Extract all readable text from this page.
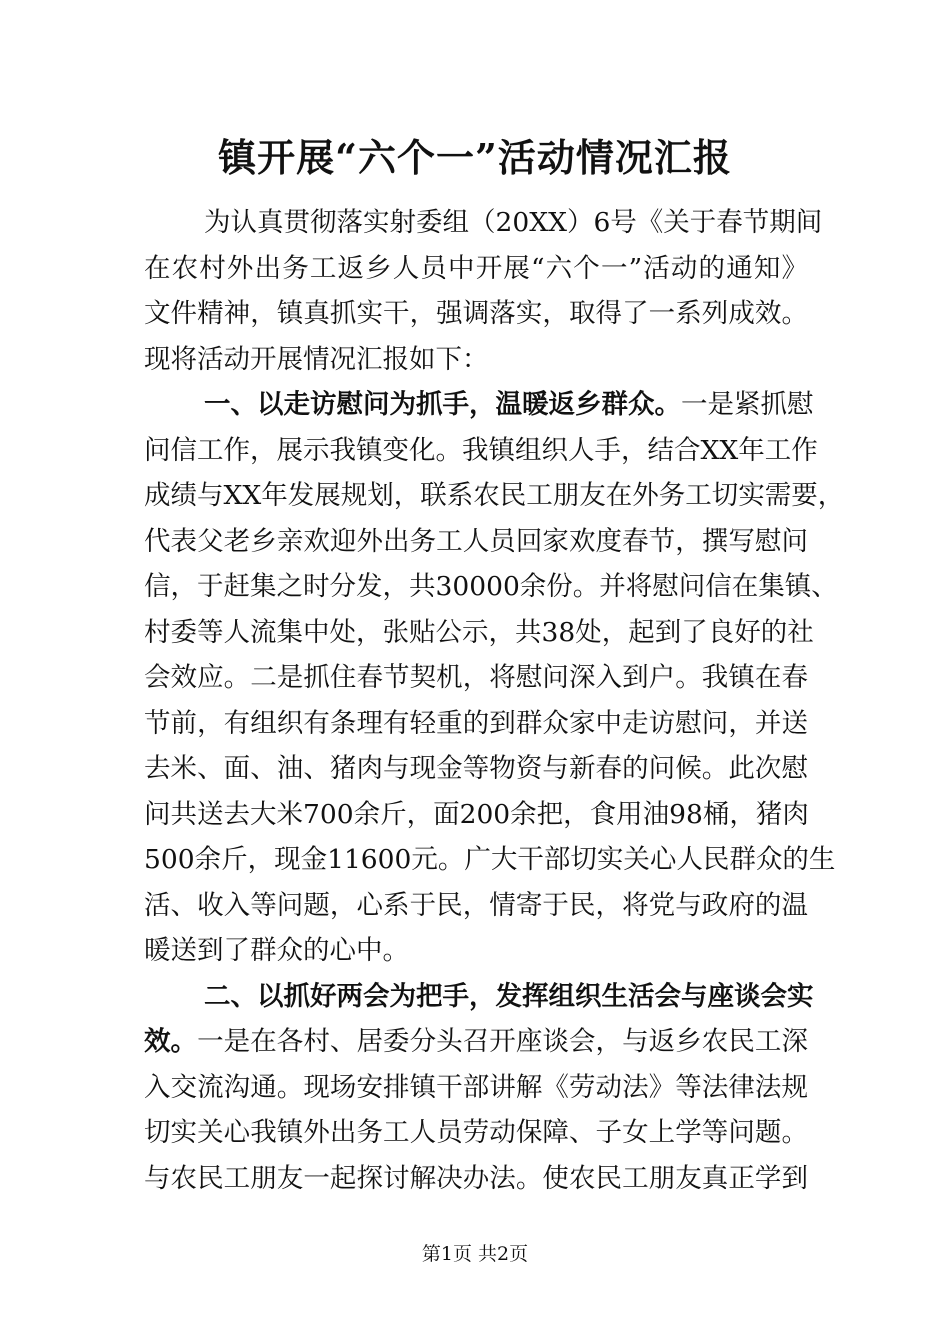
镇开展“六个一”活动情况汇报
为认真贯彻落实射委组（20XX）6号《关于春节期间
在农村外出务工返乡人员中开展“六个一”活动的通知》
文件精神，镇真抓实干，强调落实，取得了一系列成效。
现将活动开展情况汇报如下：
一、以走访慰问为抓手，温暖返乡群众。一是紧抓慰
问信工作，展示我镇变化。我镇组织人手，结合XX年工作
成绩与XX年发展规划，联系农民工朋友在外务工切实需要，
代表父老乡亲欢迎外出务工人员回家欢度春节，撰写慰问
信，于赶集之时分发，共30000余份。并将慰问信在集镇、
村委等人流集中处，张贴公示，共38处，起到了良好的社
会效应。二是抓住春节契机，将慰问深入到户。我镇在春
节前，有组织有条理有轻重的到群众家中走访慰问，并送
去米、面、油、猪肉与现金等物资与新春的问候。此次慰
问共送去大米700余斤，面200余把，食用油98桶，猪肉
500余斤，现金11600元。广大干部切实关心人民群众的生
活、收入等问题，心系于民，情寄于民，将党与政府的温
暖送到了群众的心中。
二、以抓好两会为把手，发挥组织生活会与座谈会实
效。一是在各村、居委分头召开座谈会，与返乡农民工深
入交流沟通。现场安排镇干部讲解《劳动法》等法律法规
切实关心我镇外出务工人员劳动保障、子女上学等问题。
与农民工朋友一起探讨解决办法。使农民工朋友真正学到
第1页 共2页
